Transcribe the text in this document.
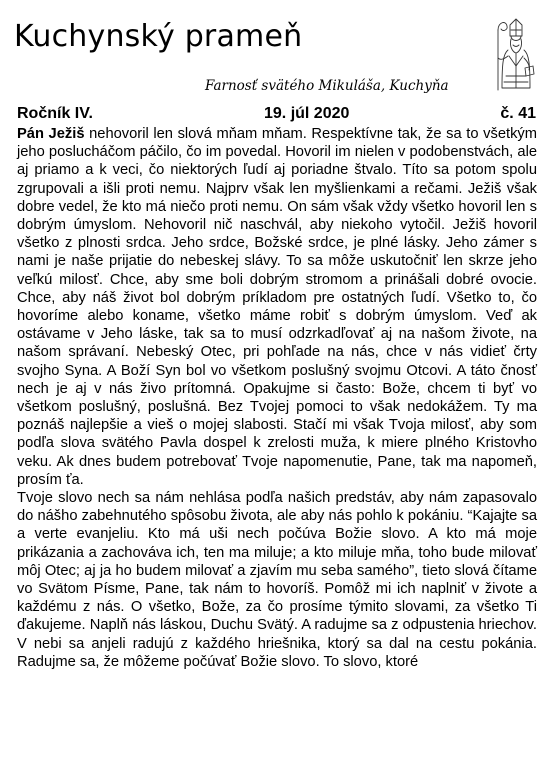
Kuchynský prameň
Farnosť svätého Mikuláša, Kuchyňa
Ročník IV.	19. júl 2020	č. 41

Pán Ježiš nehovoril len slová mňam mňam. Respektívne tak, že sa to všetkým jeho poslucháčom páčilo, čo im povedal. Hovoril im nielen v podobenstvách, ale aj priamo a k veci, čo niektorých ľudí aj poriadne štvalo. Títo sa potom spolu zgrupovali a išli proti nemu. Najprv však len myšlienkami a rečami. Ježiš však dobre vedel, že kto má niečo proti nemu. On sám však vždy všetko hovoril len s dobrým úmyslom. Nehovoril nič naschvál, aby niekoho vytočil. Ježiš hovoril všetko z plnosti srdca. Jeho srdce, Božské srdce, je plné lásky. Jeho zámer s nami je naše prijatie do nebeskej slávy. To sa môže uskutočniť len skrze jeho veľkú milosť. Chce, aby sme boli dobrým stromom a prinášali dobré ovocie. Chce, aby náš život bol dobrým príkladom pre ostatných ľudí. Všetko to, čo hovoríme alebo koname, všetko máme robiť s dobrým úmyslom. Veď ak ostávame v Jeho láske, tak sa to musí odzrkadľovať aj na našom živote, na našom správaní. Nebeský Otec, pri pohľade na nás, chce v nás vidieť črty svojho Syna. A Boží Syn bol vo všetkom poslušný svojmu Otcovi. A táto čnosť nech je aj v nás živo prítomná. Opakujme si často: Bože, chcem ti byť vo všetkom poslušný, poslušná. Bez Tvojej pomoci to však nedokážem. Ty ma poznáš najlepšie a vieš o mojej slabosti. Stačí mi však Tvoja milosť, aby som podľa slova svätého Pavla dospel k zrelosti muža, k miere plného Kristovho veku. Ak dnes budem potrebovať Tvoje napomenutie, Pane, tak ma napomeň, prosím ťa.

Tvoje slovo nech sa nám nehlása podľa našich predstáv, aby nám zapasovalo do nášho zabehnutého spôsobu života, ale aby nás pohlo k pokániu. “Kajajte sa a verte evanjeliu. Kto má uši nech počúva Božie slovo. A kto má moje prikázania a zachováva ich, ten ma miluje; a kto miluje mňa, toho bude milovať môj Otec; aj ja ho budem milovať a zjavím mu seba samého”, tieto slová čítame vo Svätom Písme, Pane, tak nám to hovoríš. Pomôž mi ich naplniť v živote a každému z nás. O všetko, Bože, za čo prosíme týmito slovami, za všetko Ti ďakujeme. Naplň nás láskou, Duchu Svätý. A radujme sa z odpustenia hriechov. V nebi sa anjeli radujú z každého hriešnika, ktorý sa dal na cestu pokánia. Radujme sa, že môžeme počúvať Božie slovo. To slovo, ktoré
